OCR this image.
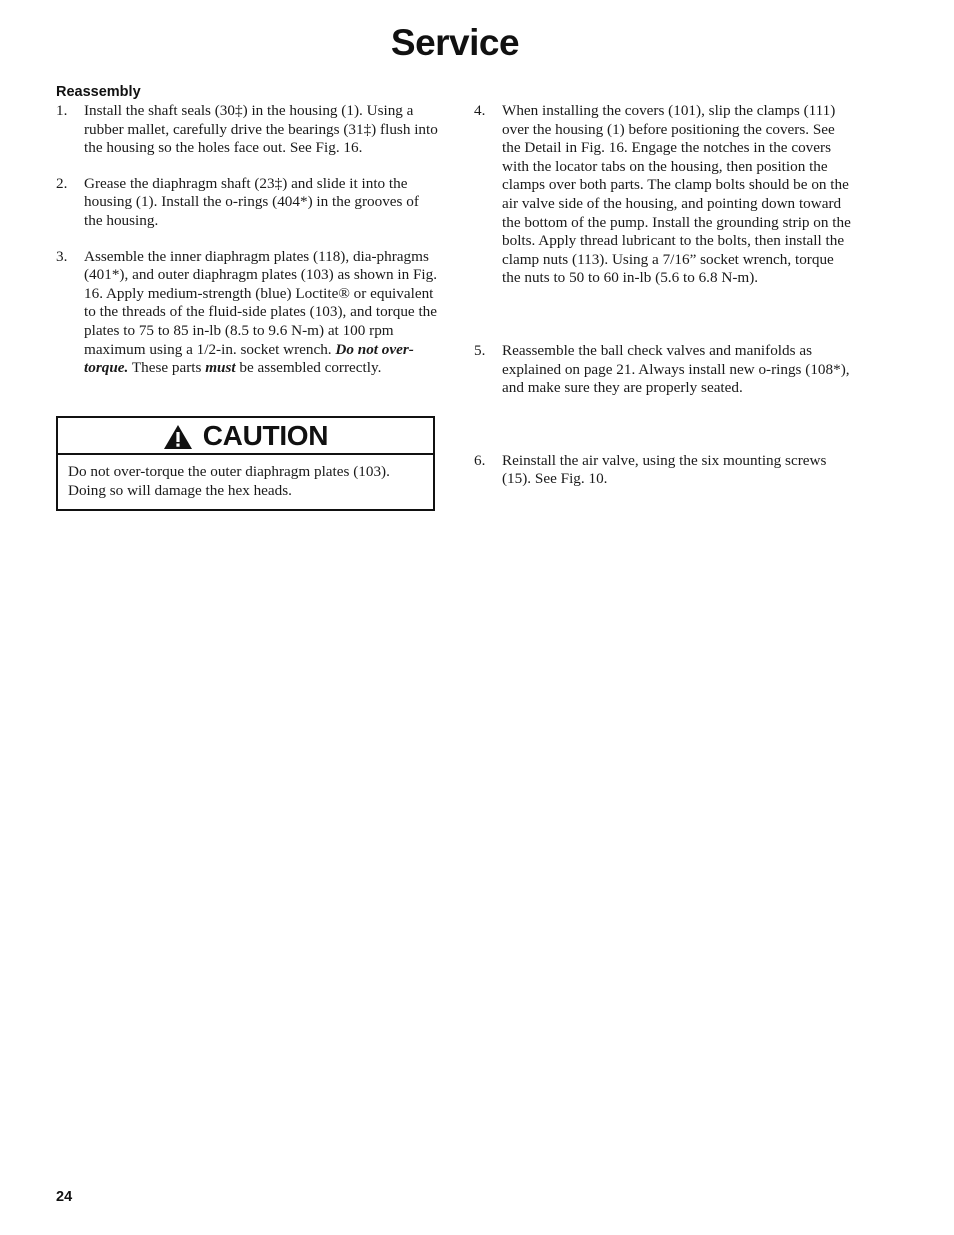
Service
Reassembly
1. Install the shaft seals (30‡) in the housing (1). Using a rubber mallet, carefully drive the bearings (31‡) flush into the housing so the holes face out. See Fig. 16.
2. Grease the diaphragm shaft (23‡) and slide it into the housing (1). Install the o-rings (404*) in the grooves of the housing.
3. Assemble the inner diaphragm plates (118), dia-phragms (401*), and outer diaphragm plates (103) as shown in Fig. 16. Apply medium-strength (blue) Loctite® or equivalent to the threads of the fluid-side plates (103), and torque the plates to 75 to 85 in-lb (8.5 to 9.6 N-m) at 100 rpm maximum using a 1/2-in. socket wrench. Do not over-torque. These parts must be assembled correctly.
CAUTION
Do not over-torque the outer diaphragm plates (103). Doing so will damage the hex heads.
4. When installing the covers (101), slip the clamps (111) over the housing (1) before positioning the covers. See the Detail in Fig. 16. Engage the notches in the covers with the locator tabs on the housing, then position the clamps over both parts. The clamp bolts should be on the air valve side of the housing, and pointing down toward the bottom of the pump. Install the grounding strip on the bolts. Apply thread lubricant to the bolts, then install the clamp nuts (113). Using a 7/16” socket wrench, torque the nuts to 50 to 60 in-lb (5.6 to 6.8 N-m).
5. Reassemble the ball check valves and manifolds as explained on page 21. Always install new o-rings (108*), and make sure they are properly seated.
6. Reinstall the air valve, using the six mounting screws (15). See Fig. 10.
24
